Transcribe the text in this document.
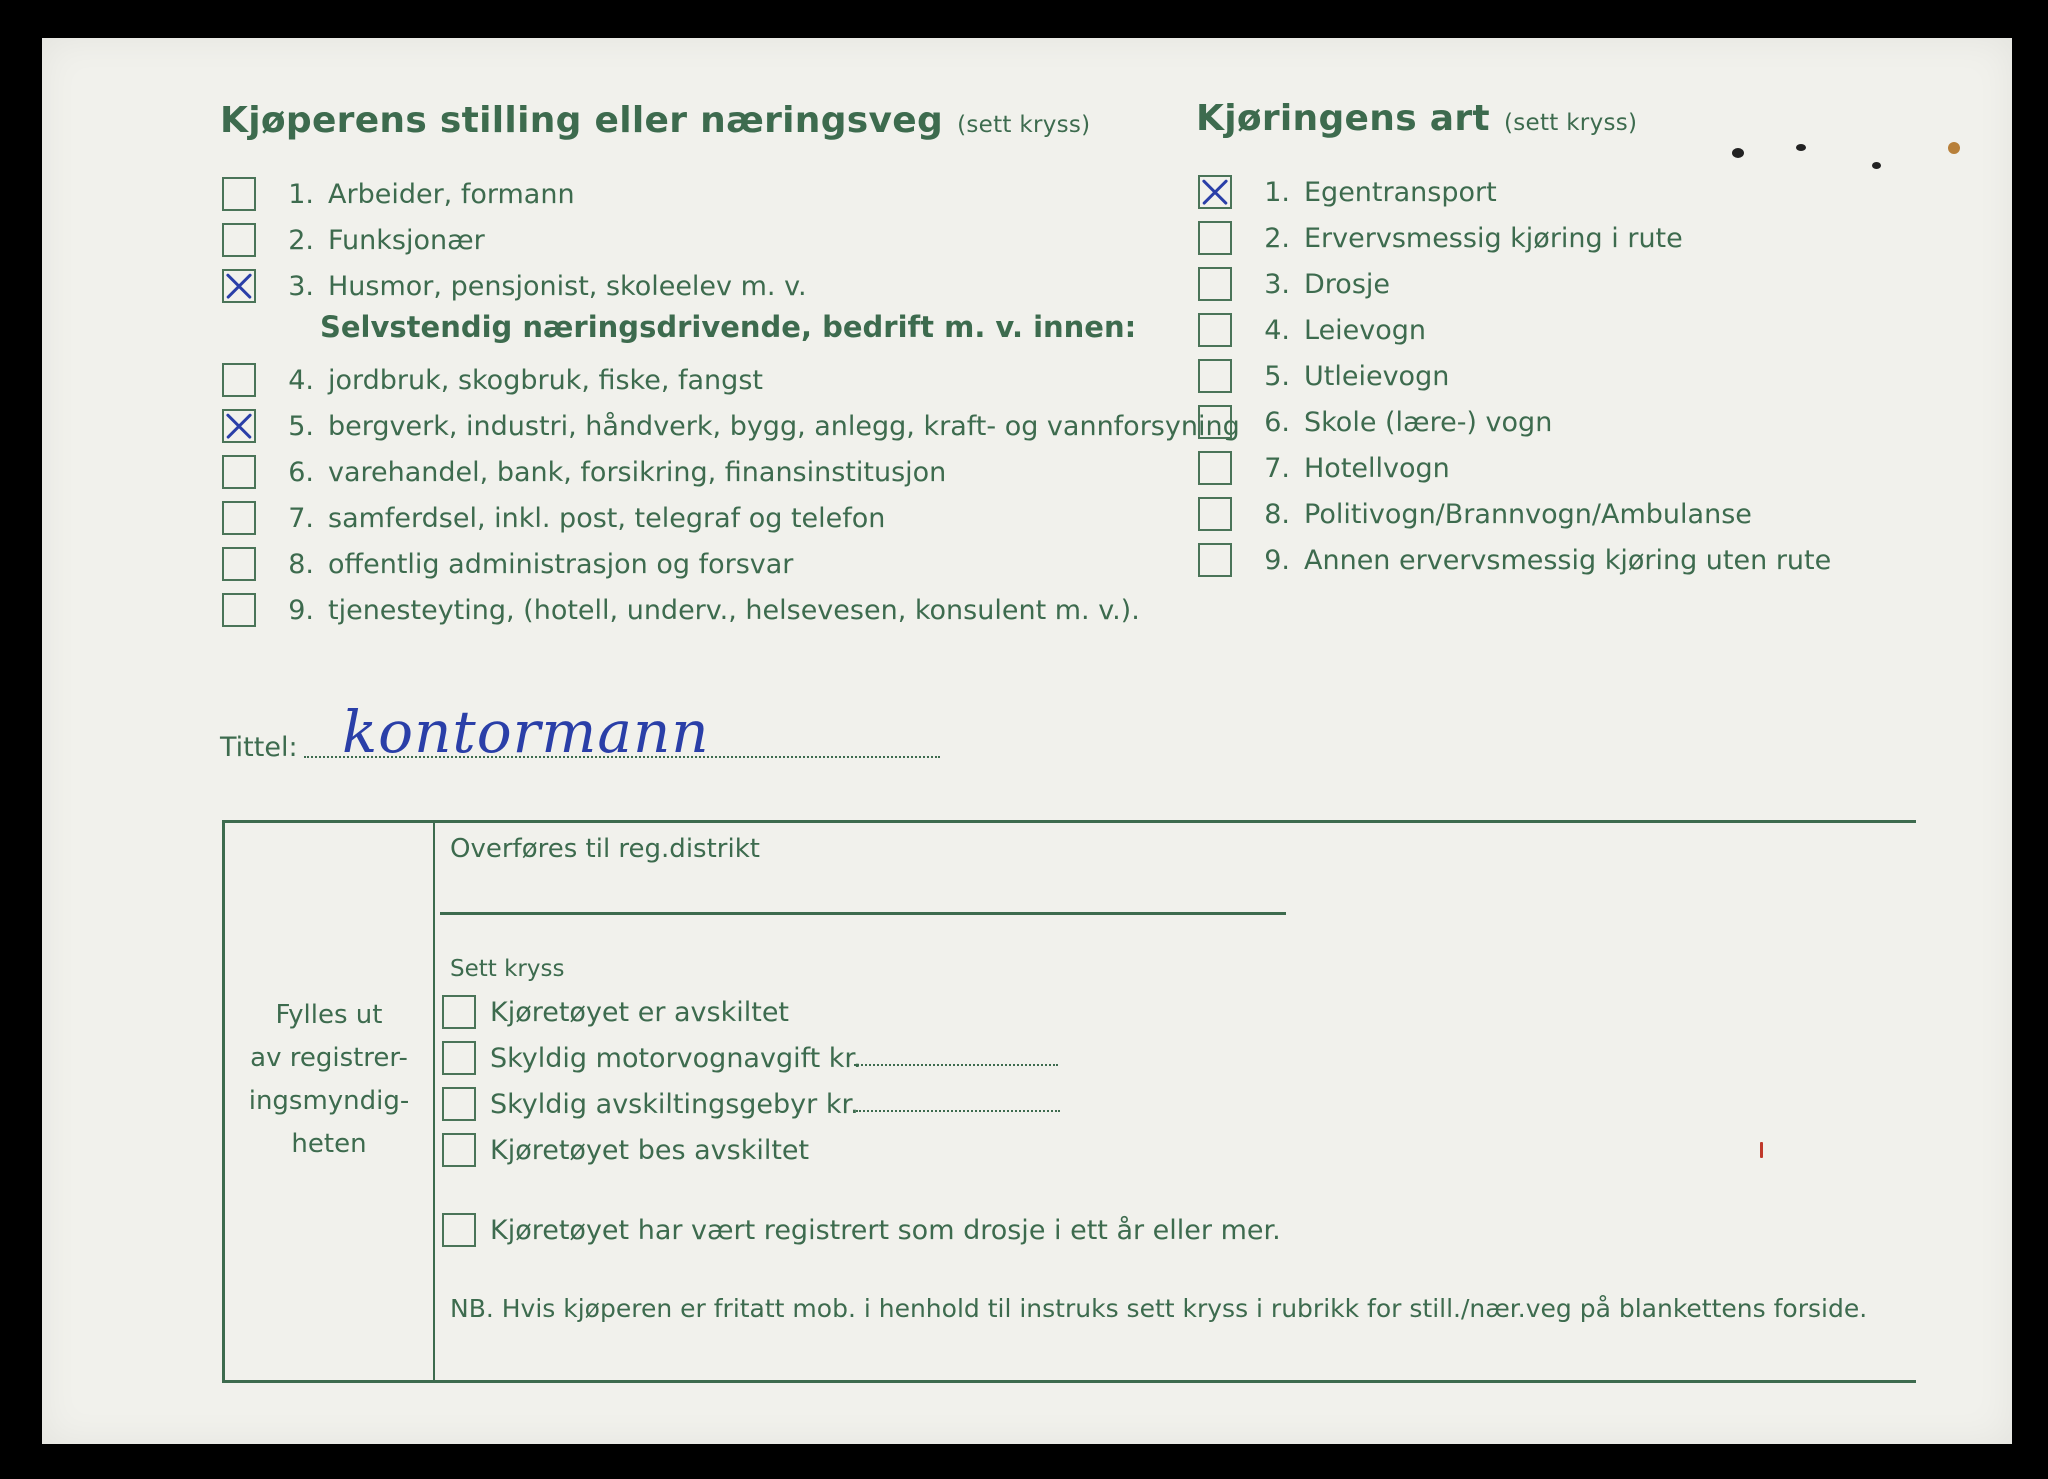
Kjøperens stilling eller næringsveg (sett kryss)
1. Arbeider, formann
2. Funksjonær
3. Husmor, pensjonist, skoleelev m. v.
Selvstendig næringsdrivende, bedrift m. v. innen:
4. jordbruk, skogbruk, fiske, fangst
5. bergverk, industri, håndverk, bygg, anlegg, kraft- og vannforsyning
6. varehandel, bank, forsikring, finansinstitusjon
7. samferdsel, inkl. post, telegraf og telefon
8. offentlig administrasjon og forsvar
9. tjenesteyting, (hotell, underv., helsevesen, konsulent m. v.).
Kjøringens art (sett kryss)
1. Egentransport
2. Ervervsmessig kjøring i rute
3. Drosje
4. Leievogn
5. Utleievogn
6. Skole (lære-) vogn
7. Hotellvogn
8. Politivogn/Brannvogn/Ambulanse
9. Annen ervervsmessig kjøring uten rute
Tittel: kontormann
Fylles ut
av registrer-
ingsmyndig-
heten
Overføres til reg.distrikt
Sett kryss
Kjøretøyet er avskiltet
Skyldig motorvognavgift kr.
Skyldig avskiltingsgebyr kr.
Kjøretøyet bes avskiltet
Kjøretøyet har vært registrert som drosje i ett år eller mer.
NB. Hvis kjøperen er fritatt mob. i henhold til instruks sett kryss i rubrikk for still./nær.veg på blankettens forside.
